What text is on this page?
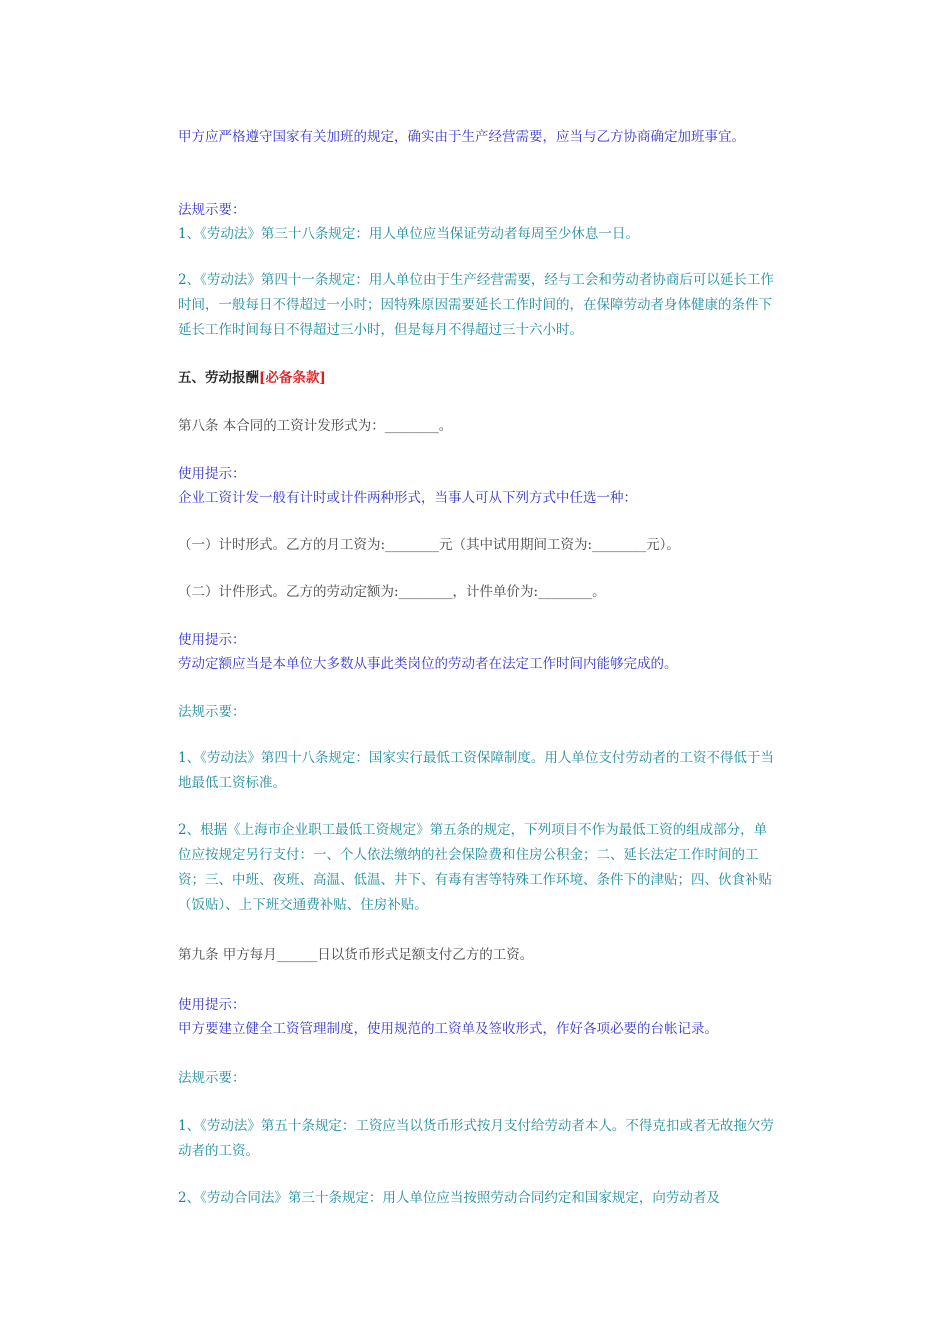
甲方应严格遵守国家有关加班的规定，确实由于生产经营需要，应当与乙方协商确定加班事宜。

法规示要：

1、《劳动法》第三十八条规定：用人单位应当保证劳动者每周至少休息一日。

2、《劳动法》第四十一条规定：用人单位由于生产经营需要，经与工会和劳动者协商后可以延长工作时间，一般每日不得超过一小时；因特殊原因需要延长工作时间的，在保障劳动者身体健康的条件下延长工作时间每日不得超过三小时，但是每月不得超过三十六小时。

五、劳动报酬[必备条款]

第八条 本合同的工资计发形式为：________。

使用提示：

企业工资计发一般有计时或计件两种形式，当事人可从下列方式中任选一种：

（一）计时形式。乙方的月工资为:________元（其中试用期间工资为:________元）。

（二）计件形式。乙方的劳动定额为:________，计件单价为:________。

使用提示：

劳动定额应当是本单位大多数从事此类岗位的劳动者在法定工作时间内能够完成的。

法规示要：

1、《劳动法》第四十八条规定：国家实行最低工资保障制度。用人单位支付劳动者的工资不得低于当地最低工资标准。

2、根据《上海市企业职工最低工资规定》第五条的规定，下列项目不作为最低工资的组成部分，单位应按规定另行支付：一、个人依法缴纳的社会保险费和住房公积金；二、延长法定工作时间的工资；三、中班、夜班、高温、低温、井下、有毒有害等特殊工作环境、条件下的津贴；四、伙食补贴（饭贴）、上下班交通费补贴、住房补贴。

第九条 甲方每月______日以货币形式足额支付乙方的工资。

使用提示：

甲方要建立健全工资管理制度，使用规范的工资单及签收形式，作好各项必要的台帐记录。

法规示要：

1、《劳动法》第五十条规定：工资应当以货币形式按月支付给劳动者本人。不得克扣或者无故拖欠劳动者的工资。

2、《劳动合同法》第三十条规定：用人单位应当按照劳动合同约定和国家规定，向劳动者及
